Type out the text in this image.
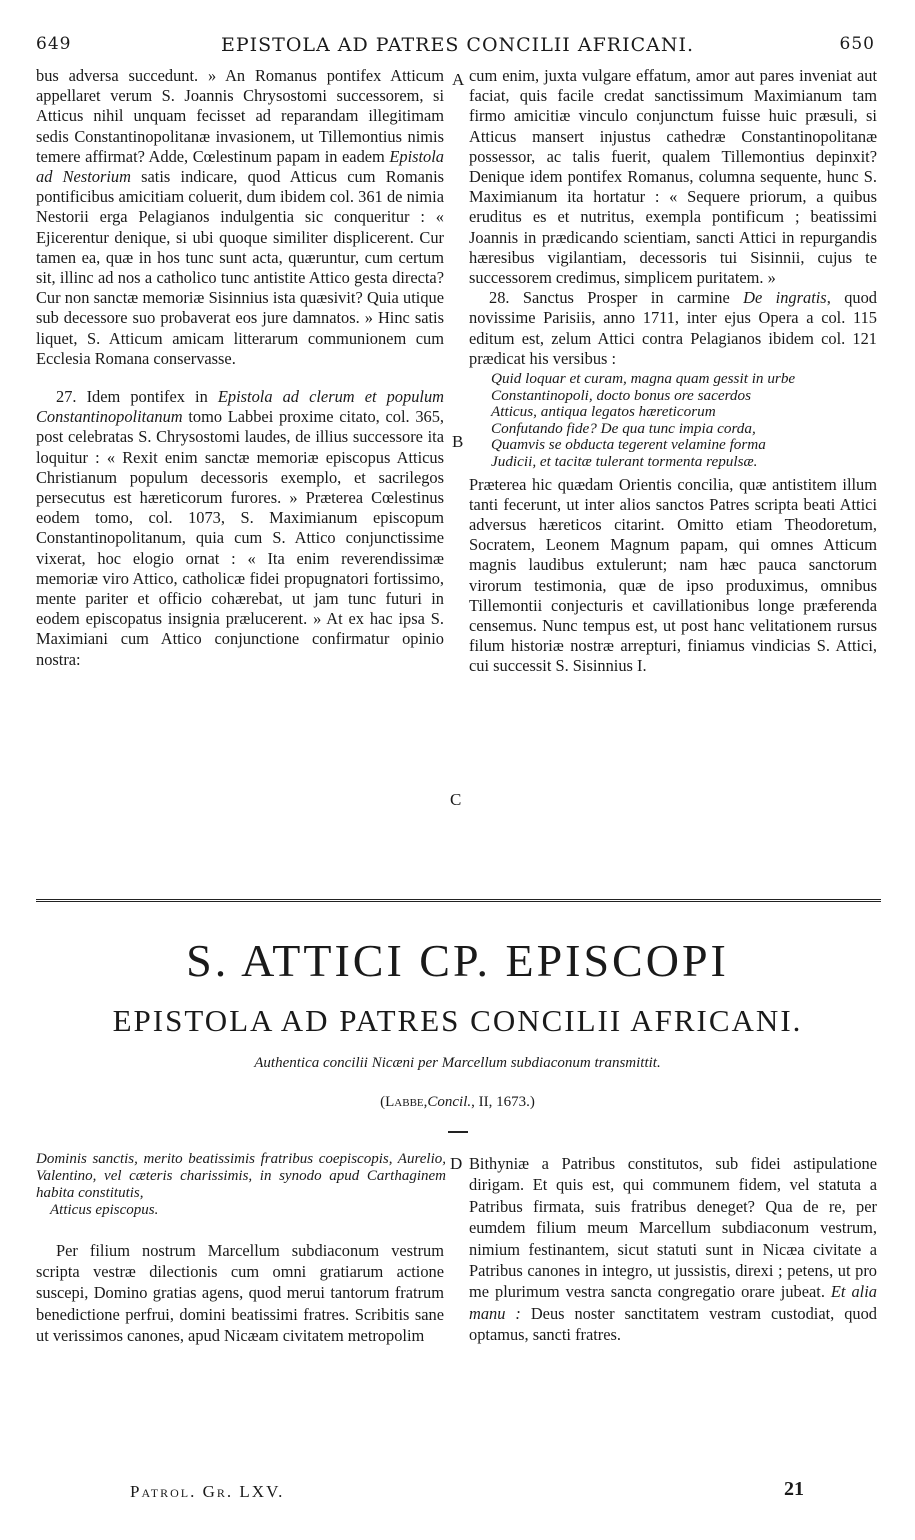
649	EPISTOLA AD PATRES CONCILII AFRICANI.	650

bus adversa succedunt. » An Romanus pontifex Atticum appellaret verum S. Joannis Chrysostomi successorem, si Atticus nihil unquam fecisset ad reparandam illegitimam sedis Constantinopolitanæ invasionem, ut Tillemontius nimis temere affirmat? Adde, Cœlestinum papam in eadem Epistola ad Nestorium satis indicare, quod Atticus cum Romanis pontificibus amicitiam coluerit, dum ibidem col. 361 de nimia Nestorii erga Pelagianos indulgentia sic conqueritur : « Ejicerentur denique, si ubi quoque similiter displicerent. Cur tamen ea, quæ in hos tunc sunt acta, quæruntur, cum certum sit, illinc ad nos a catholico tunc antistite Attico gesta directa? Cur non sanctæ memoriæ Sisinnius ista quæsivit? Quia utique sub decessore suo probaverat eos jure damnatos. » Hinc satis liquet, S. Atticum amicam litterarum communionem cum Ecclesia Romana conservasse.

27. Idem pontifex in Epistola ad clerum et populum Constantinopolitanum tomo Labbei proxime citato, col. 365, post celebratas S. Chrysostomi laudes, de illius successore ita loquitur : « Rexit enim sanctæ memoriæ episcopus Atticus Christianum populum decessoris exemplo, et sacrilegos persecutus est hæreticorum furores. » Præterea Cœlestinus eodem tomo, col. 1073, S. Maximianum episcopum Constantinopolitanum, quia cum S. Attico conjunctissime vixerat, hoc elogio ornat : « Ita enim reverendissimæ memoriæ viro Attico, catholicæ fidei propugnatori fortissimo, mente pariter et officio cohærebat, ut jam tunc futuri in eodem episcopatus insignia prælucerent. » At ex hac ipsa S. Maximiani cum Attico conjunctione confirmatur opinio nostra:

A
B
C

cum enim, juxta vulgare effatum, amor aut pares inveniat aut faciat, quis facile credat sanctissimum Maximianum tam firmo amicitiæ vinculo conjunctum fuisse huic præsuli, si Atticus mansert injustus cathedræ Constantinopolitanæ possessor, ac talis fuerit, qualem Tillemontius depinxit? Denique idem pontifex Romanus, columna sequente, hunc S. Maximianum ita hortatur : « Sequere priorum, a quibus eruditus es et nutritus, exempla pontificum ; beatissimi Joannis in prædicando scientiam, sancti Attici in repurgandis hæresibus vigilantiam, decessoris tui Sisinnii, cujus te successorem credimus, simplicem puritatem. »

28. Sanctus Prosper in carmine De ingratis, quod novissime Parisiis, anno 1711, inter ejus Opera a col. 115 editum est, zelum Attici contra Pelagianos ibidem col. 121 prædicat his versibus :

Quid loquar et curam, magna quam gessit in urbe
Constantinopoli, docto bonus ore sacerdos
Atticus, antiqua legatos hæreticorum
Confutando fide? De qua tunc impia corda,
Quamvis se obducta tegerent velamine forma
Judicii, et tacitæ tulerant tormenta repulsæ.

Præterea hic quædam Orientis concilia, quæ antistitem illum tanti fecerunt, ut inter alios sanctos Patres scripta beati Attici adversus hæreticos citarint. Omitto etiam Theodoretum, Socratem, Leonem Magnum papam, qui omnes Atticum magnis laudibus extulerunt; nam hæc pauca sanctorum virorum testimonia, quæ de ipso produximus, omnibus Tillemontii conjecturis et cavillationibus longe præferenda censemus. Nunc tempus est, ut post hanc velitationem rursus filum historiæ nostræ arrepturi, finiamus vindicias S. Attici, cui successit S. Sisinnius I.

S. ATTICI CP. EPISCOPI
EPISTOLA AD PATRES CONCILII AFRICANI.
Authentica concilii Nicæni per Marcellum subdiaconum transmittit.
(Labbe,Concil., II, 1673.)
Dominis sanctis, merito beatissimis fratribus coepiscopis, Aurelio, Valentino, vel cæteris charissimis, in synodo apud Carthaginem habita constitutis,
Atticus episcopus.

Per filium nostrum Marcellum subdiaconum vestrum scripta vestræ dilectionis cum omni gratiarum actione suscepi, Domino gratias agens, quod merui tantorum fratrum benedictione perfrui, domini beatissimi fratres. Scribitis sane ut verissimos canones, apud Nicæam civitatem metropolim

D Bithyniæ a Patribus constitutos, sub fidei astipulatione dirigam. Et quis est, qui communem fidem, vel statuta a Patribus firmata, suis fratribus deneget? Qua de re, per eumdem filium meum Marcellum subdiaconum vestrum, nimium festinantem, sicut statuti sunt in Nicæa civitate a Patribus canones in integro, ut jussistis, direxi ; petens, ut pro me plurimum vestra sancta congregatio orare jubeat. Et alia manu : Deus noster sanctitatem vestram custodiat, quod optamus, sancti fratres.

Patrol. Gr. LXV.	21
